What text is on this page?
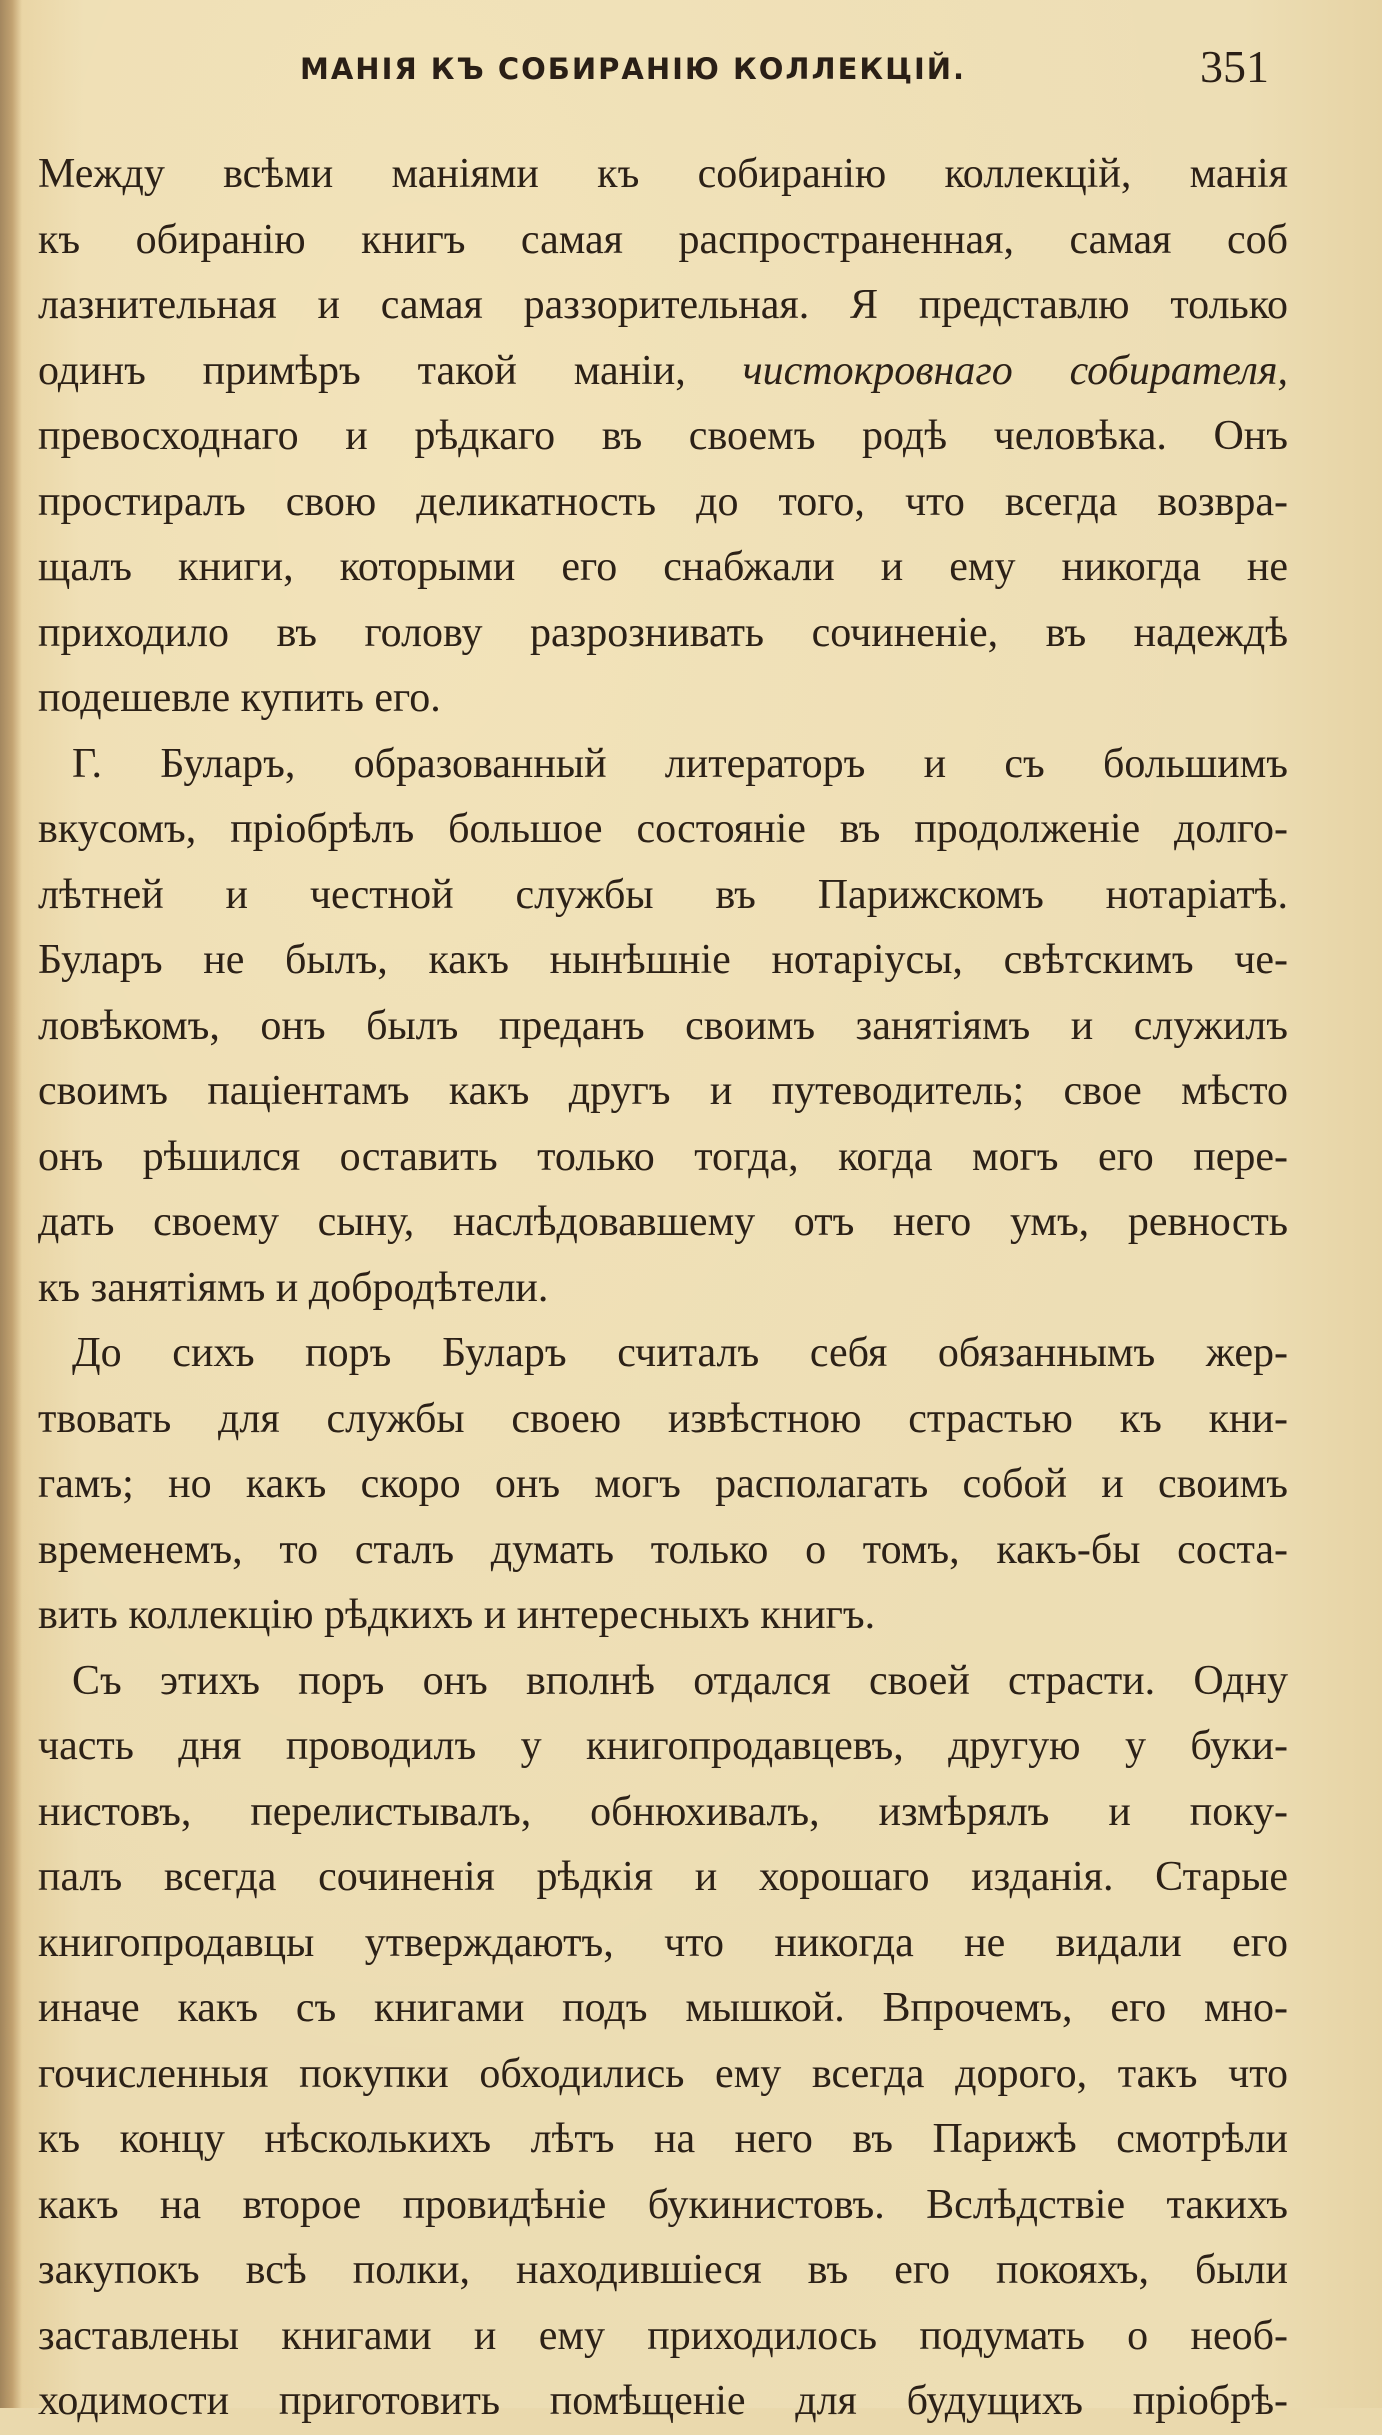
МАНІЯ КЪ СОБИРАНІЮ КОЛЛЕКЦІЙ.	351
Между всѣми маніями къ собиранію коллекцій, манія
къ обиранію книгъ самая распространенная, самая соб
лазнительная и самая раззорительная. Я представлю только
одинъ примѣръ такой маніи, чистокровнаго собирателя,
превосходнаго и рѣдкаго въ своемъ родѣ человѣка. Онъ
простиралъ свою деликатность до того, что всегда возвра-
щалъ книги, которыми его снабжали и ему никогда не
приходило въ голову разрознивать сочиненіе, въ надеждѣ
подешевле купить его.
Г. Буларъ, образованный литераторъ и съ большимъ
вкусомъ, пріобрѣлъ большое состояніе въ продолженіе долго-
лѣтней и честной службы въ Парижскомъ нотаріатѣ.
Буларъ не былъ, какъ нынѣшніе нотаріусы, свѣтскимъ че-
ловѣкомъ, онъ былъ преданъ своимъ занятіямъ и служилъ
своимъ паціентамъ какъ другъ и путеводитель; свое мѣсто
онъ рѣшился оставить только тогда, когда могъ его пере-
дать своему сыну, наслѣдовавшему отъ него умъ, ревность
къ занятіямъ и добродѣтели.
До сихъ поръ Буларъ считалъ себя обязаннымъ жер-
твовать для службы своею извѣстною страстью къ кни-
гамъ; но какъ скоро онъ могъ располагать собой и своимъ
временемъ, то сталъ думать только о томъ, какъ-бы соста-
вить коллекцію рѣдкихъ и интересныхъ книгъ.
Съ этихъ поръ онъ вполнѣ отдался своей страсти. Одну
часть дня проводилъ у книгопродавцевъ, другую у буки-
нистовъ, перелистывалъ, обнюхивалъ, измѣрялъ и поку-
палъ всегда сочиненія рѣдкія и хорошаго изданія. Старые
книгопродавцы утверждаютъ, что никогда не видали его
иначе какъ съ книгами подъ мышкой. Впрочемъ, его мно-
гочисленныя покупки обходились ему всегда дорого, такъ что
къ концу нѣсколькихъ лѣтъ на него въ Парижѣ смотрѣли
какъ на второе провидѣніе букинистовъ. Вслѣдствіе такихъ
закупокъ всѣ полки, находившіеся въ его покояхъ, были
заставлены книгами и ему приходилось подумать о необ-
ходимости приготовить помѣщеніе для будущихъ пріобрѣ-
